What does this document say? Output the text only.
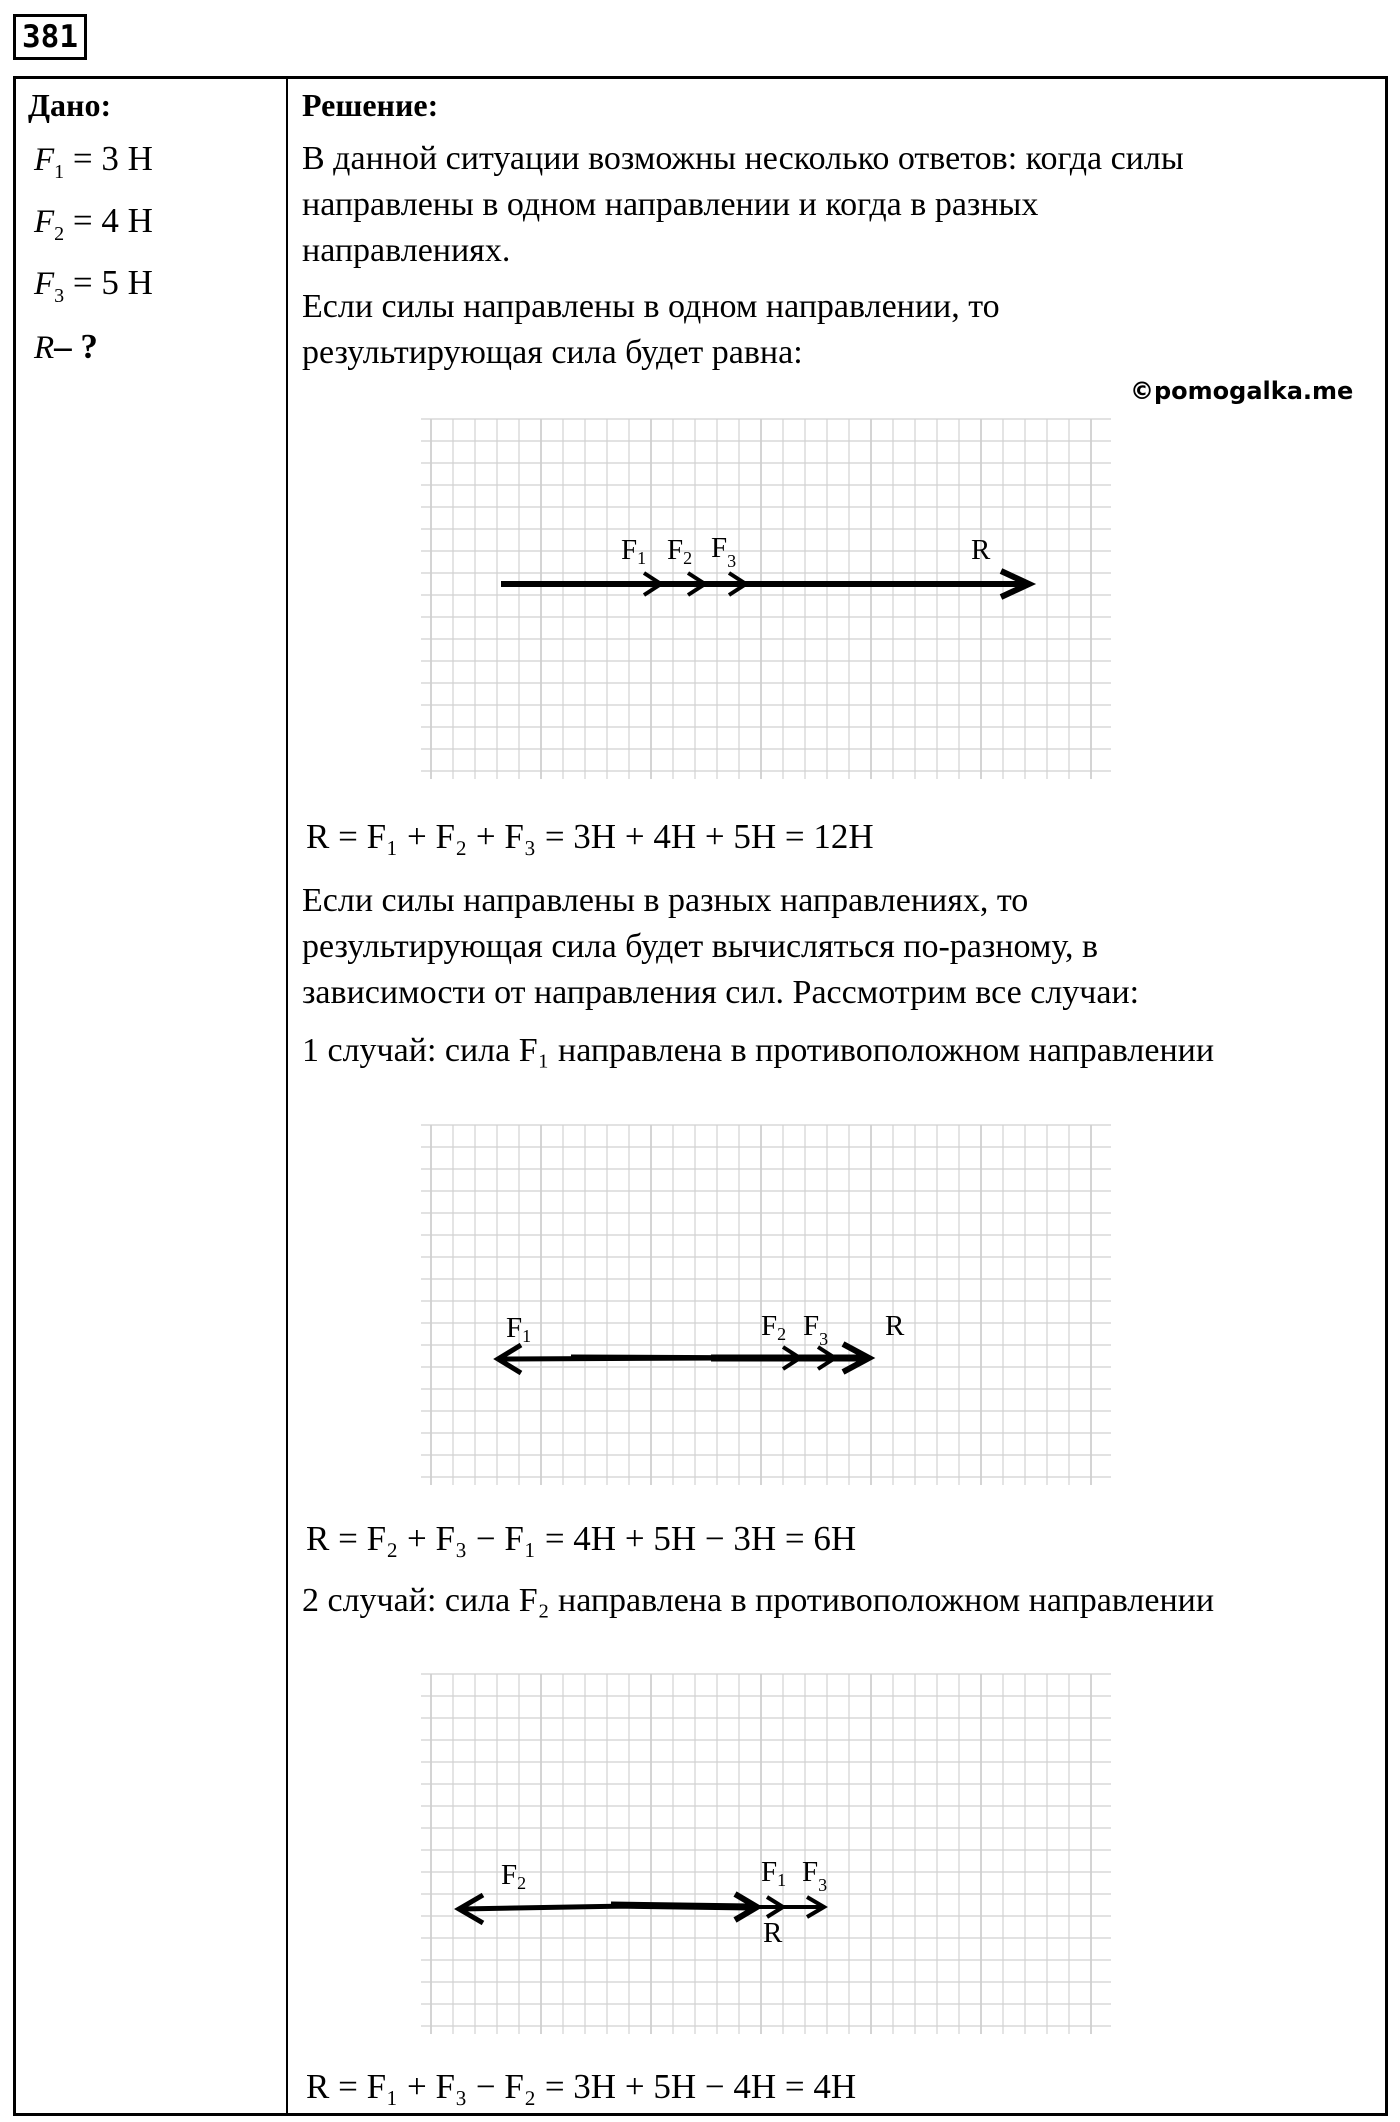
381
Дано:
$F_1 = 3$ Н
$F_2 = 4$ Н
$F_3 = 5$ Н
R– ?
Решение:
В данной ситуации возможны несколько ответов: когда силы
направлены в одном направлении и когда в разных
направлениях.
Если силы направлены в одном направлении, то
результирующая сила будет равна:
©pomogalka.me
F1 F2 $F_3$	R
R = F₁ + F₂ + F₃ = 3H + 4H + 5H = 12H
Если силы направлены в разных направлениях, то
результирующая сила будет вычисляться по-разному, в
зависимости от направления сил. Рассмотрим все случаи:
1 случай: сила F₁ направлена в противоположном направлении
F1	F2 $F_3$ R
R = F₂ + F₃ − F₁ = 4H + 5H − 3H = 6H
2 случай: сила F₂ направлена в противоположном направлении
F2	F1 $F_3$
R
R = F₁ + F₃ − F₂ = 3H + 5H − 4H = 4H
